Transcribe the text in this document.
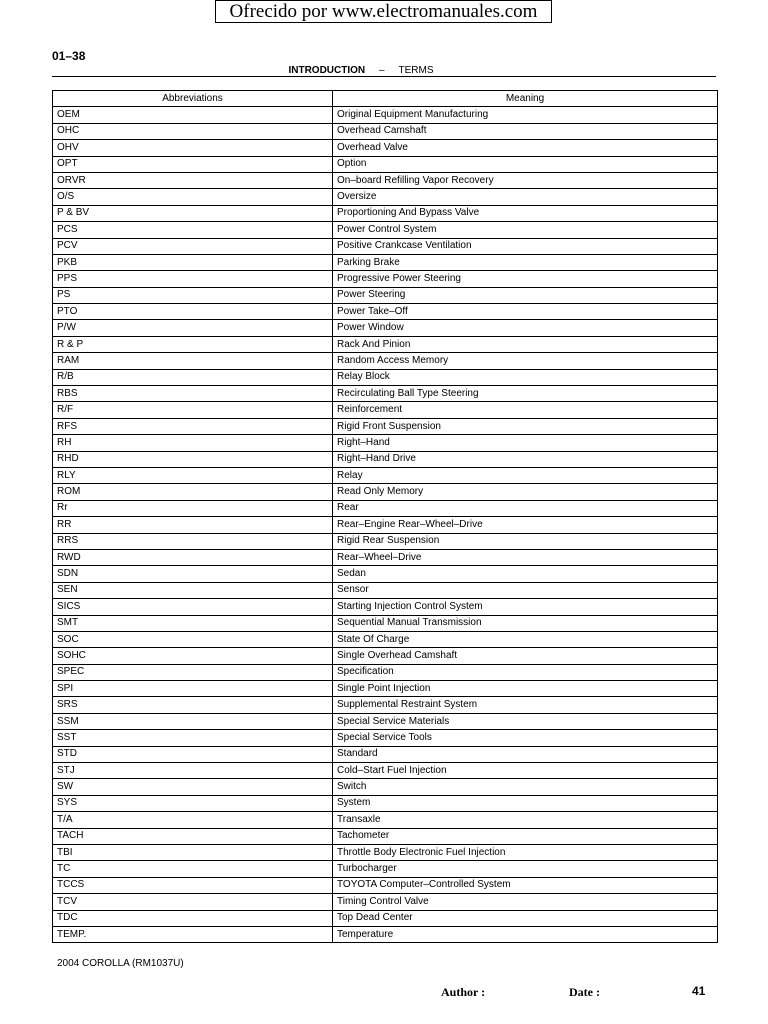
Ofrecido por www.electromanuales.com
01–38
INTRODUCTION – TERMS
Abbreviations	Meaning
OEM	Original Equipment Manufacturing
OHC	Overhead Camshaft
OHV	Overhead Valve
OPT	Option
ORVR	On–board Refilling Vapor Recovery
O/S	Oversize
P & BV	Proportioning And Bypass Valve
PCS	Power Control System
PCV	Positive Crankcase Ventilation
PKB	Parking Brake
PPS	Progressive Power Steering
PS	Power Steering
PTO	Power Take–Off
P/W	Power Window
R & P	Rack And Pinion
RAM	Random Access Memory
R/B	Relay Block
RBS	Recirculating Ball Type Steering
R/F	Reinforcement
RFS	Rigid Front Suspension
RH	Right–Hand
RHD	Right–Hand Drive
RLY	Relay
ROM	Read Only Memory
Rr	Rear
RR	Rear–Engine Rear–Wheel–Drive
RRS	Rigid Rear Suspension
RWD	Rear–Wheel–Drive
SDN	Sedan
SEN	Sensor
SICS	Starting Injection Control System
SMT	Sequential Manual Transmission
SOC	State Of Charge
SOHC	Single Overhead Camshaft
SPEC	Specification
SPI	Single Point Injection
SRS	Supplemental Restraint System
SSM	Special Service Materials
SST	Special Service Tools
STD	Standard
STJ	Cold–Start Fuel Injection
SW	Switch
SYS	System
T/A	Transaxle
TACH	Tachometer
TBI	Throttle Body Electronic Fuel Injection
TC	Turbocharger
TCCS	TOYOTA Computer–Controlled System
TCV	Timing Control Valve
TDC	Top Dead Center
TEMP.	Temperature
2004 COROLLA (RM1037U)
Author :	Date :	41
